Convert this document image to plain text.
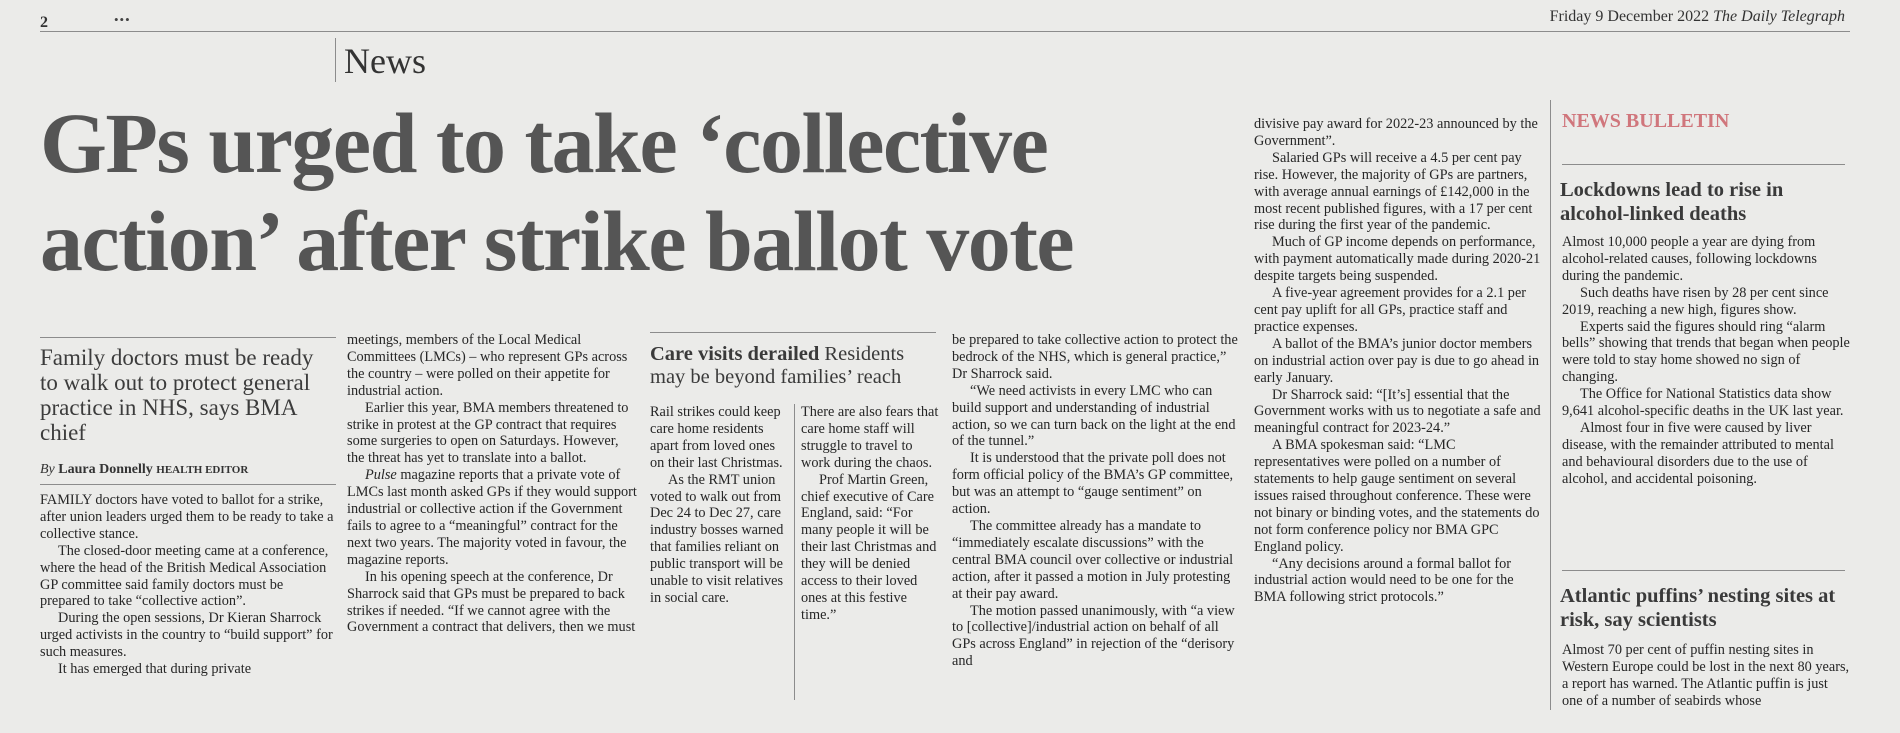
2	•••	Friday 9 December 2022 The Daily Telegraph
News
GPs urged to take ‘collective
action’ after strike ballot vote
Family doctors must be ready to walk out to protect general practice in NHS, says BMA chief
By Laura Donnelly HEALTH EDITOR

FAMILY doctors have voted to ballot for a strike, after union leaders urged them to be ready to take a collective stance.

The closed-door meeting came at a conference, where the head of the British Medical Association GP committee said family doctors must be prepared to take “collective action”.

During the open sessions, Dr Kieran Sharrock urged activists in the country to “build support” for such measures.

It has emerged that during private

meetings, members of the Local Medical Committees (LMCs) – who represent GPs across the country – were polled on their appetite for industrial action.

Earlier this year, BMA members threatened to strike in protest at the GP contract that requires some surgeries to open on Saturdays. However, the threat has yet to translate into a ballot.

Pulse magazine reports that a private vote of LMCs last month asked GPs if they would support industrial or collective action if the Government fails to agree to a “meaningful” contract for the next two years. The majority voted in favour, the magazine reports.

In his opening speech at the conference, Dr Sharrock said that GPs must be prepared to back strikes if needed. “If we cannot agree with the Government a contract that delivers, then we must

Care visits derailed Residents may be beyond families’ reach

Rail strikes could keep care home residents apart from loved ones on their last Christmas.

As the RMT union voted to walk out from Dec 24 to Dec 27, care industry bosses warned that families reliant on public transport will be unable to visit relatives in social care.

There are also fears that care home staff will struggle to travel to work during the chaos.

Prof Martin Green, chief executive of Care England, said: “For many people it will be their last Christmas and they will be denied access to their loved ones at this festive time.”

be prepared to take collective action to protect the bedrock of the NHS, which is general practice,” Dr Sharrock said.

“We need activists in every LMC who can build support and understanding of industrial action, so we can turn back on the light at the end of the tunnel.”

It is understood that the private poll does not form official policy of the BMA’s GP committee, but was an attempt to “gauge sentiment” on action.

The committee already has a mandate to “immediately escalate discussions” with the central BMA council over collective or industrial action, after it passed a motion in July protesting at their pay award.

The motion passed unanimously, with “a view to [collective]/industrial action on behalf of all GPs across England” in rejection of the “derisory and

divisive pay award for 2022-23 announced by the Government”.

Salaried GPs will receive a 4.5 per cent pay rise. However, the majority of GPs are partners, with average annual earnings of £142,000 in the most recent published figures, with a 17 per cent rise during the first year of the pandemic.

Much of GP income depends on performance, with payment automatically made during 2020-21 despite targets being suspended.

A five-year agreement provides for a 2.1 per cent pay uplift for all GPs, practice staff and practice expenses.

A ballot of the BMA’s junior doctor members on industrial action over pay is due to go ahead in early January.

Dr Sharrock said: “[It’s] essential that the Government works with us to negotiate a safe and meaningful contract for 2023-24.”

A BMA spokesman said: “LMC representatives were polled on a number of statements to help gauge sentiment on several issues raised throughout conference. These were not binary or binding votes, and the statements do not form conference policy nor BMA GPC England policy.

“Any decisions around a formal ballot for industrial action would need to be one for the BMA following strict protocols.”

NEWS BULLETIN
Lockdowns lead to rise in alcohol-linked deaths

Almost 10,000 people a year are dying from alcohol-related causes, following lockdowns during the pandemic.

Such deaths have risen by 28 per cent since 2019, reaching a new high, figures show.

Experts said the figures should ring “alarm bells” showing that trends that began when people were told to stay home showed no sign of changing.

The Office for National Statistics data show 9,641 alcohol-specific deaths in the UK last year.

Almost four in five were caused by liver disease, with the remainder attributed to mental and behavioural disorders due to the use of alcohol, and accidental poisoning.

Atlantic puffins’ nesting sites at risk, say scientists

Almost 70 per cent of puffin nesting sites in Western Europe could be lost in the next 80 years, a report has warned. The Atlantic puffin is just one of a number of seabirds whose
